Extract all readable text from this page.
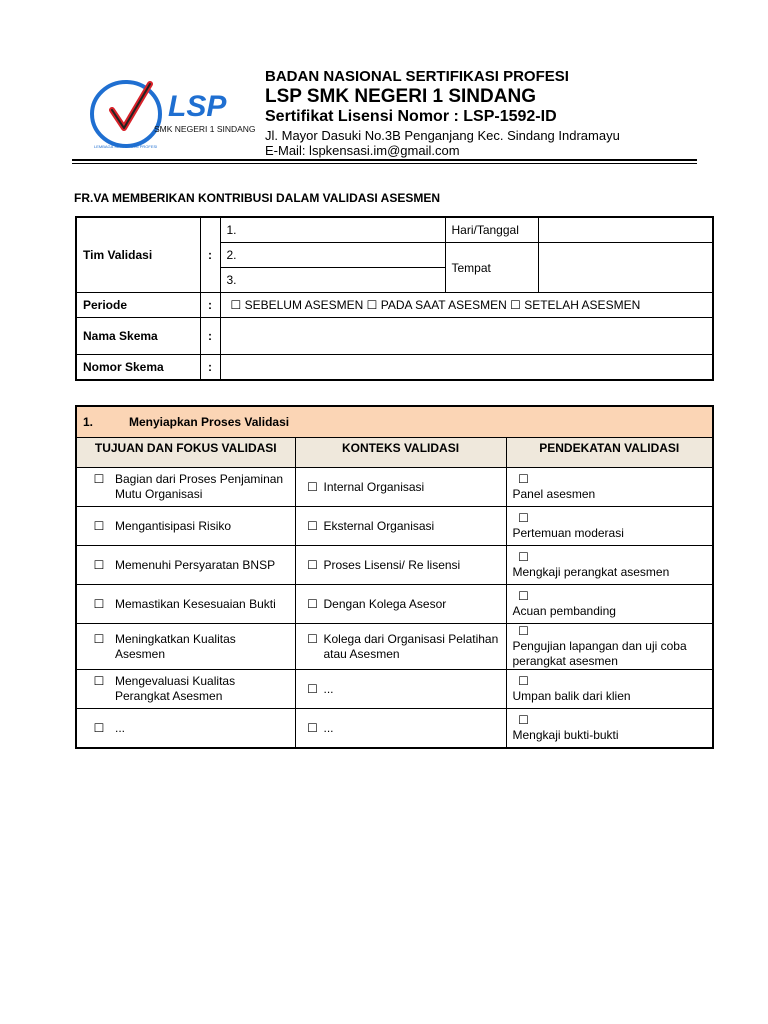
LSP
SMK NEGERI 1 SINDANG
LEMBAGA SERTIFIKASI PROFESI
BADAN NASIONAL SERTIFIKASI PROFESI
LSP SMK NEGERI 1 SINDANG
Sertifikat Lisensi Nomor : LSP-1592-ID
Jl. Mayor Dasuki No.3B Penganjang Kec. Sindang Indramayu
E-Mail: lspkensasi.im@gmail.com
FR.VA MEMBERIKAN KONTRIBUSI DALAM VALIDASI ASESMEN
Tim Validasi	:	1.	Hari/Tanggal	
		2.	Tempat	
		3.		
Periode	:	☐ SEBELUM ASESMEN ☐ PADA SAAT ASESMEN ☐ SETELAH ASESMEN		
Nama Skema	:			
Nomor Skema	:			
1. Menyiapkan Proses Validasi		
TUJUAN DAN FOKUS VALIDASI	KONTEKS VALIDASI	PENDEKATAN VALIDASI
☐ Bagian dari Proses Penjaminan Mutu Organisasi	☐ Internal Organisasi	☐Panel asesmen
☐ Mengantisipasi Risiko	☐ Eksternal Organisasi	☐Pertemuan moderasi
☐ Memenuhi Persyaratan BNSP	☐ Proses Lisensi/ Re lisensi	☐Mengkaji perangkat asesmen
☐ Memastikan Kesesuaian Bukti	☐ Dengan Kolega Asesor	☐Acuan pembanding
☐ Meningkatkan Kualitas Asesmen	☐ Kolega dari Organisasi Pelatihan atau Asesmen	☐Pengujian lapangan dan uji coba perangkat asesmen
☐ Mengevaluasi Kualitas Perangkat Asesmen	☐ ...	☐Umpan balik dari klien
☐ ...	☐ ...	☐Mengkaji bukti-bukti
